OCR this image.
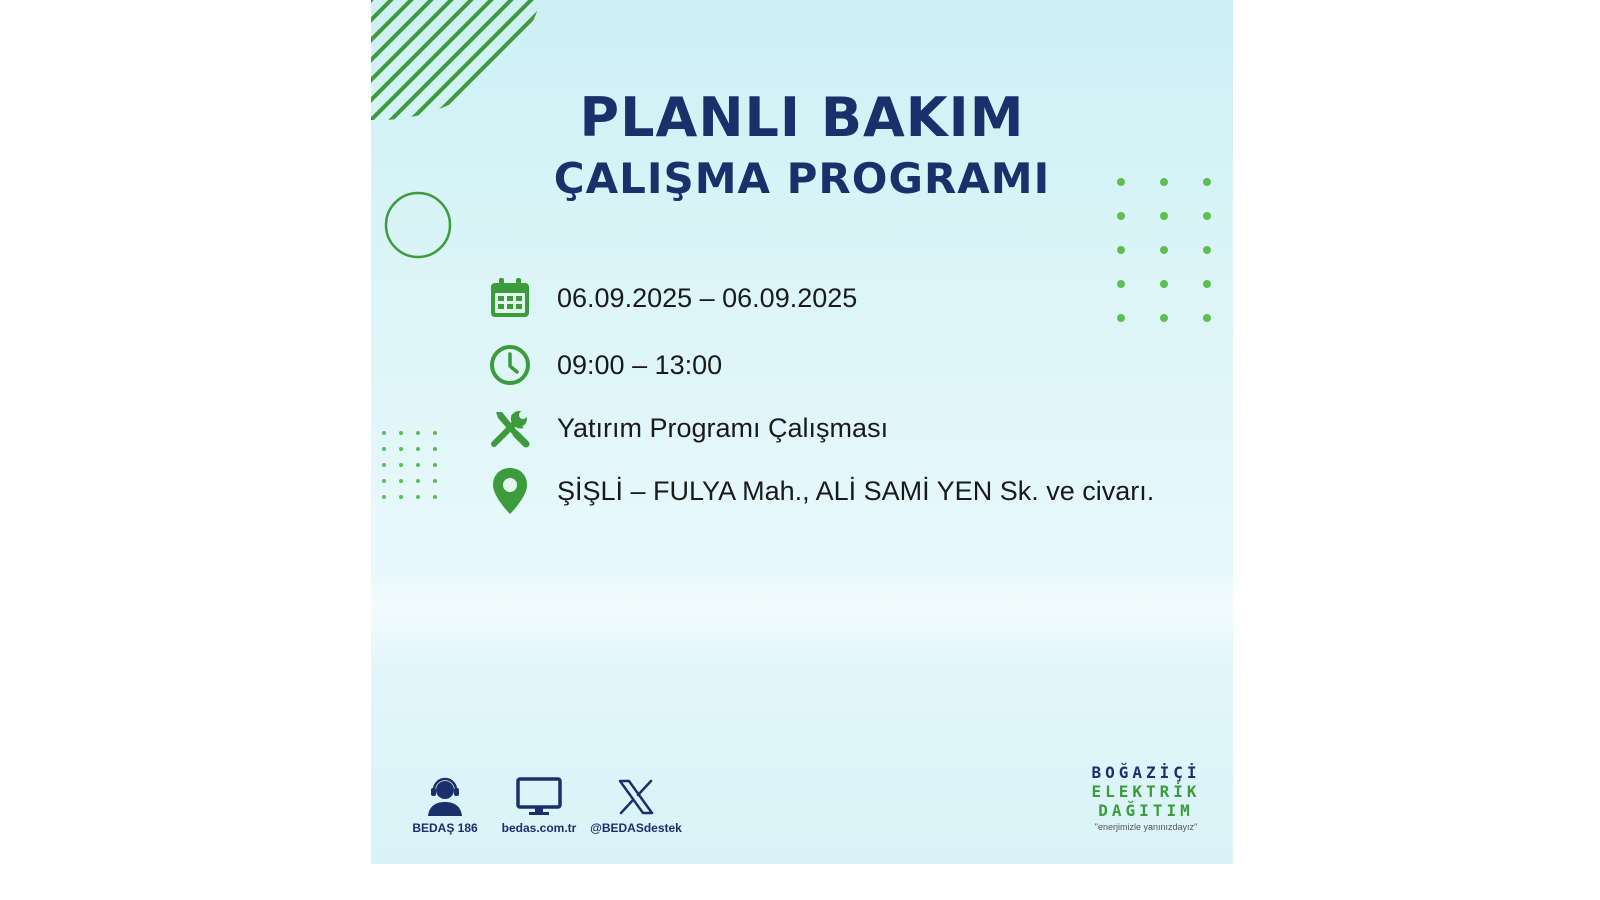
PLANLI BAKIM
ÇALIŞMA PROGRAMI
06.09.2025 – 06.09.2025
09:00 – 13:00
Yatırım Programı Çalışması
ŞİŞLİ – FULYA Mah., ALİ SAMİ YEN Sk. ve civarı.
BEDAŞ 186	bedas.com.tr	@BEDASdestek
BOĞAZİÇİ
ELEKTRİK
DAĞITIM
"enerjimizle yanınızdayız"
